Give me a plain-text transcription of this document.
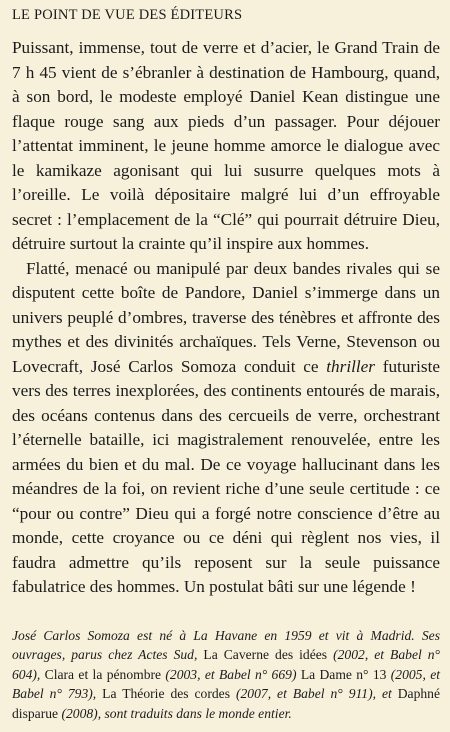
LE POINT DE VUE DES ÉDITEURS

Puissant, immense, tout de verre et d’acier, le Grand Train de 7 h 45 vient de s’ébranler à destination de Hambourg, quand, à son bord, le modeste employé Daniel Kean distingue une flaque rouge sang aux pieds d’un passager. Pour déjouer l’attentat imminent, le jeune homme amorce le dialogue avec le kamikaze agonisant qui lui susurre quelques mots à l’oreille. Le voilà dépositaire malgré lui d’un effroyable secret : l’emplacement de la “Clé” qui pourrait détruire Dieu, détruire surtout la crainte qu’il inspire aux hommes.

Flatté, menacé ou manipulé par deux bandes rivales qui se disputent cette boîte de Pandore, Daniel s’immerge dans un univers peuplé d’ombres, traverse des ténèbres et affronte des mythes et des divinités archaïques. Tels Verne, Stevenson ou Lovecraft, José Carlos Somoza conduit ce thriller futuriste vers des terres inexplorées, des continents entourés de marais, des océans contenus dans des cercueils de verre, orchestrant l’éternelle bataille, ici magistralement renouvelée, entre les armées du bien et du mal. De ce voyage hallucinant dans les méandres de la foi, on revient riche d’une seule certitude : ce “pour ou contre” Dieu qui a forgé notre conscience d’être au monde, cette croyance ou ce déni qui règlent nos vies, il faudra admettre qu’ils reposent sur la seule puissance fabulatrice des hommes. Un postulat bâti sur une légende !

José Carlos Somoza est né à La Havane en 1959 et vit à Madrid. Ses ouvrages, parus chez Actes Sud, La Caverne des idées (2002, et Babel n° 604), Clara et la pénombre (2003, et Babel n° 669) La Dame n° 13 (2005, et Babel n° 793), La Théorie des cordes (2007, et Babel n° 911), et Daphné disparue (2008), sont traduits dans le monde entier.
